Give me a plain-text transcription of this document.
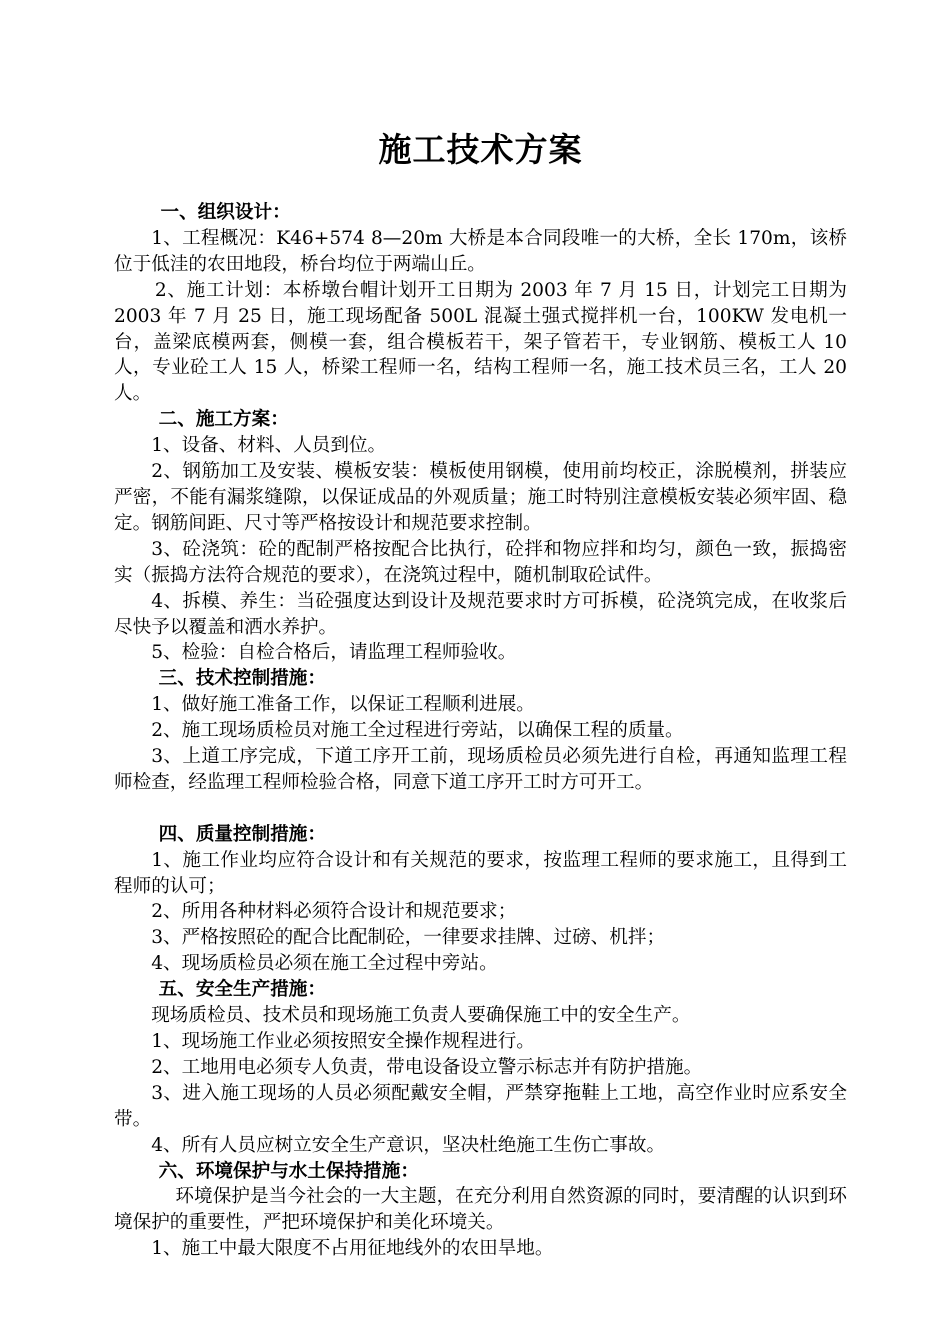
施工技术方案

一、组织设计：

1、工程概况：K46+574 8—20m 大桥是本合同段唯一的大桥，全长 170m，该桥位于低洼的农田地段，桥台均位于两端山丘。

2、施工计划：本桥墩台帽计划开工日期为 2003 年 7 月 15 日，计划完工日期为 2003 年 7 月 25 日，施工现场配备 500L 混凝土强式搅拌机一台，100KW 发电机一台，盖梁底模两套，侧模一套，组合模板若干，架子管若干，专业钢筋、模板工人 10 人，专业砼工人 15 人，桥梁工程师一名，结构工程师一名，施工技术员三名，工人 20 人。

二、施工方案：

1、设备、材料、人员到位。

2、钢筋加工及安装、模板安装：模板使用钢模，使用前均校正，涂脱模剂，拼装应严密，不能有漏浆缝隙，以保证成品的外观质量；施工时特别注意模板安装必须牢固、稳定。钢筋间距、尺寸等严格按设计和规范要求控制。

3、砼浇筑：砼的配制严格按配合比执行，砼拌和物应拌和均匀，颜色一致，振捣密实（振捣方法符合规范的要求），在浇筑过程中，随机制取砼试件。

4、拆模、养生：当砼强度达到设计及规范要求时方可拆模，砼浇筑完成，在收浆后尽快予以覆盖和洒水养护。

5、检验：自检合格后，请监理工程师验收。

三、技术控制措施：

1、做好施工准备工作，以保证工程顺利进展。

2、施工现场质检员对施工全过程进行旁站，以确保工程的质量。

3、上道工序完成，下道工序开工前，现场质检员必须先进行自检，再通知监理工程师检查，经监理工程师检验合格，同意下道工序开工时方可开工。

四、质量控制措施：

1、施工作业均应符合设计和有关规范的要求，按监理工程师的要求施工，且得到工程师的认可；

2、所用各种材料必须符合设计和规范要求；

3、严格按照砼的配合比配制砼，一律要求挂牌、过磅、机拌；

4、现场质检员必须在施工全过程中旁站。

五、安全生产措施：

现场质检员、技术员和现场施工负责人要确保施工中的安全生产。

1、现场施工作业必须按照安全操作规程进行。

2、工地用电必须专人负责，带电设备设立警示标志并有防护措施。

3、进入施工现场的人员必须配戴安全帽，严禁穿拖鞋上工地，高空作业时应系安全带。

4、所有人员应树立安全生产意识，坚决杜绝施工生伤亡事故。

六、环境保护与水土保持措施：

环境保护是当今社会的一大主题，在充分利用自然资源的同时，要清醒的认识到环境保护的重要性，严把环境保护和美化环境关。

1、施工中最大限度不占用征地线外的农田旱地。
